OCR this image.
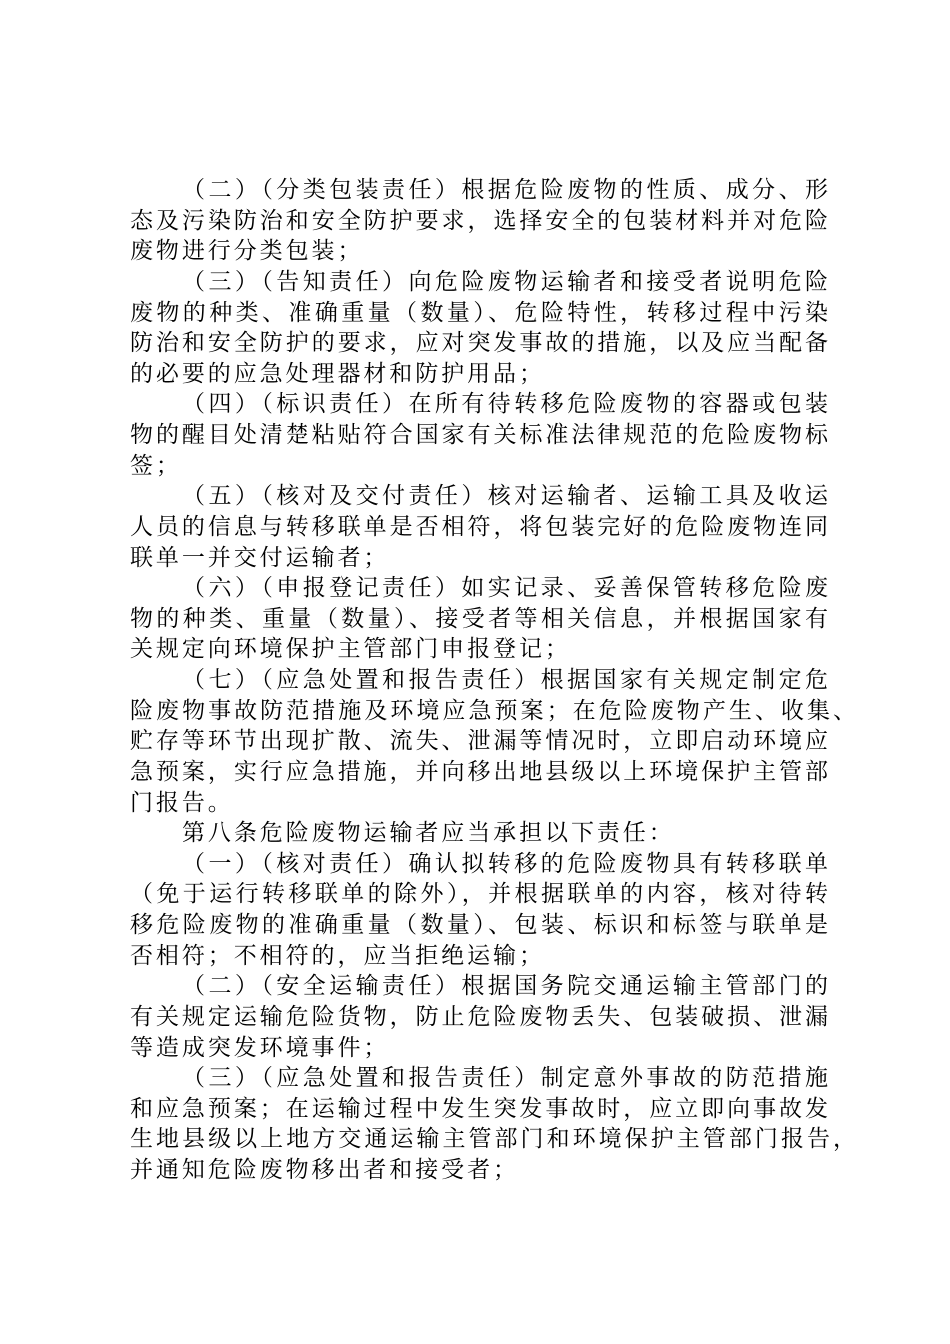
（二）（分类包装责任）根据危险废物的性质、成分、形
态及污染防治和安全防护要求，选择安全的包装材料并对危险
废物进行分类包装；
（三）（告知责任）向危险废物运输者和接受者说明危险
废物的种类、准确重量（数量）、危险特性，转移过程中污染
防治和安全防护的要求，应对突发事故的措施，以及应当配备
的必要的应急处理器材和防护用品；
（四）（标识责任）在所有待转移危险废物的容器或包装
物的醒目处清楚粘贴符合国家有关标准法律规范的危险废物标
签；
（五）（核对及交付责任）核对运输者、运输工具及收运
人员的信息与转移联单是否相符，将包装完好的危险废物连同
联单一并交付运输者；
（六）（申报登记责任）如实记录、妥善保管转移危险废
物的种类、重量（数量）、接受者等相关信息，并根据国家有
关规定向环境保护主管部门申报登记；
（七）（应急处置和报告责任）根据国家有关规定制定危
险废物事故防范措施及环境应急预案；在危险废物产生、收集、
贮存等环节出现扩散、流失、泄漏等情况时，立即启动环境应
急预案，实行应急措施，并向移出地县级以上环境保护主管部
门报告。
第八条危险废物运输者应当承担以下责任：
（一）（核对责任）确认拟转移的危险废物具有转移联单
（免于运行转移联单的除外），并根据联单的内容，核对待转
移危险废物的准确重量（数量）、包装、标识和标签与联单是
否相符；不相符的，应当拒绝运输；
（二）（安全运输责任）根据国务院交通运输主管部门的
有关规定运输危险货物，防止危险废物丢失、包装破损、泄漏
等造成突发环境事件；
（三）（应急处置和报告责任）制定意外事故的防范措施
和应急预案；在运输过程中发生突发事故时，应立即向事故发
生地县级以上地方交通运输主管部门和环境保护主管部门报告，
并通知危险废物移出者和接受者；
